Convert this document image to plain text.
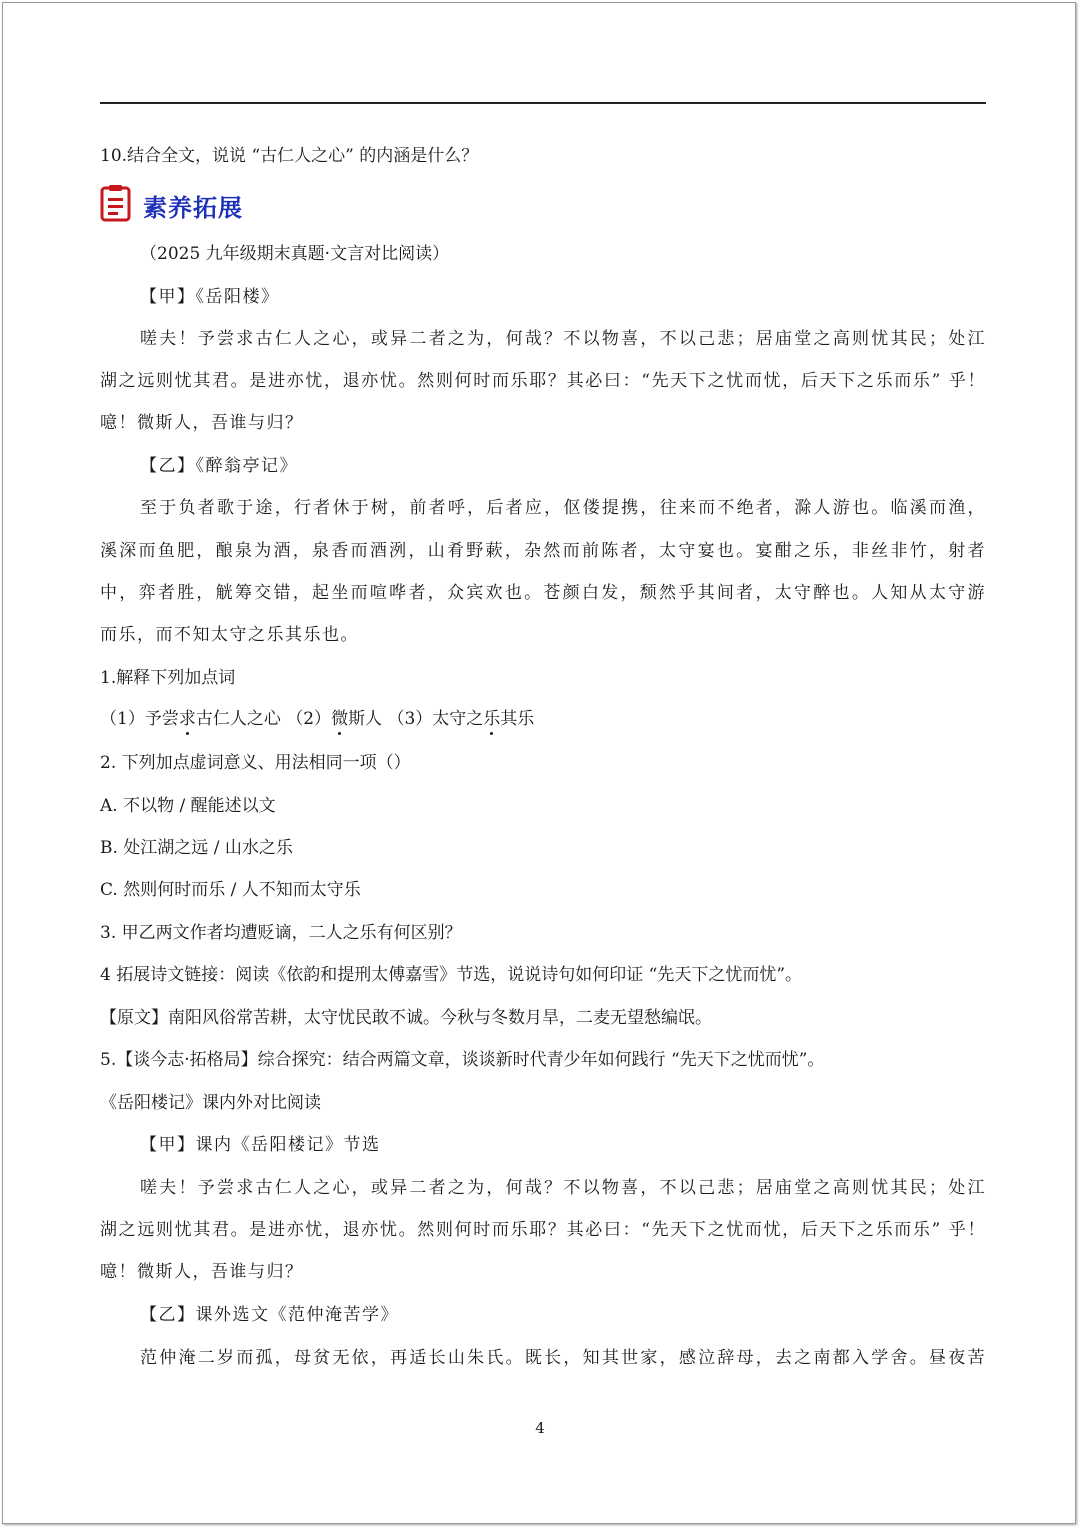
10.结合全文，说说 “古仁人之心” 的内涵是什么？
素养拓展
（2025 九年级期末真题·文言对比阅读）
【甲】《岳阳楼》
嗟夫！予尝求古仁人之心，或异二者之为，何哉？不以物喜，不以己悲；居庙堂之高则忧其民；处江
湖之远则忧其君。是进亦忧，退亦忧。然则何时而乐耶？其必曰：“先天下之忧而忧，后天下之乐而乐” 乎！
噫！微斯人，吾谁与归？
【乙】《醉翁亭记》
至于负者歌于途，行者休于树，前者呼，后者应，伛偻提携，往来而不绝者，滁人游也。临溪而渔，
溪深而鱼肥，酿泉为酒，泉香而酒洌，山肴野蔌，杂然而前陈者，太守宴也。宴酣之乐，非丝非竹，射者
中，弈者胜，觥筹交错，起坐而喧哗者，众宾欢也。苍颜白发，颓然乎其间者，太守醉也。人知从太守游
而乐，而不知太守之乐其乐也。
1.解释下列加点词
（1）予尝求古仁人之心 （2）微斯人 （3）太守之乐其乐
2. 下列加点虚词意义、用法相同一项（）
A. 不以物 / 醒能述以文
B. 处江湖之远 / 山水之乐
C. 然则何时而乐 / 人不知而太守乐
3. 甲乙两文作者均遭贬谪，二人之乐有何区别？
4 拓展诗文链接：阅读《依韵和提刑太傅嘉雪》节选，说说诗句如何印证 “先天下之忧而忧”。
【原文】南阳风俗常苦耕，太守忧民敢不诚。今秋与冬数月旱，二麦无望愁编氓。
5.【谈今志·拓格局】综合探究：结合两篇文章，谈谈新时代青少年如何践行 “先天下之忧而忧”。
《岳阳楼记》课内外对比阅读
【甲】课内《岳阳楼记》节选
嗟夫！予尝求古仁人之心，或异二者之为，何哉？不以物喜，不以己悲；居庙堂之高则忧其民；处江
湖之远则忧其君。是进亦忧，退亦忧。然则何时而乐耶？其必曰：“先天下之忧而忧，后天下之乐而乐” 乎！
噫！微斯人，吾谁与归？
【乙】课外选文《范仲淹苦学》
范仲淹二岁而孤，母贫无依，再适长山朱氏。既长，知其世家，感泣辞母，去之南都入学舍。昼夜苦
4
